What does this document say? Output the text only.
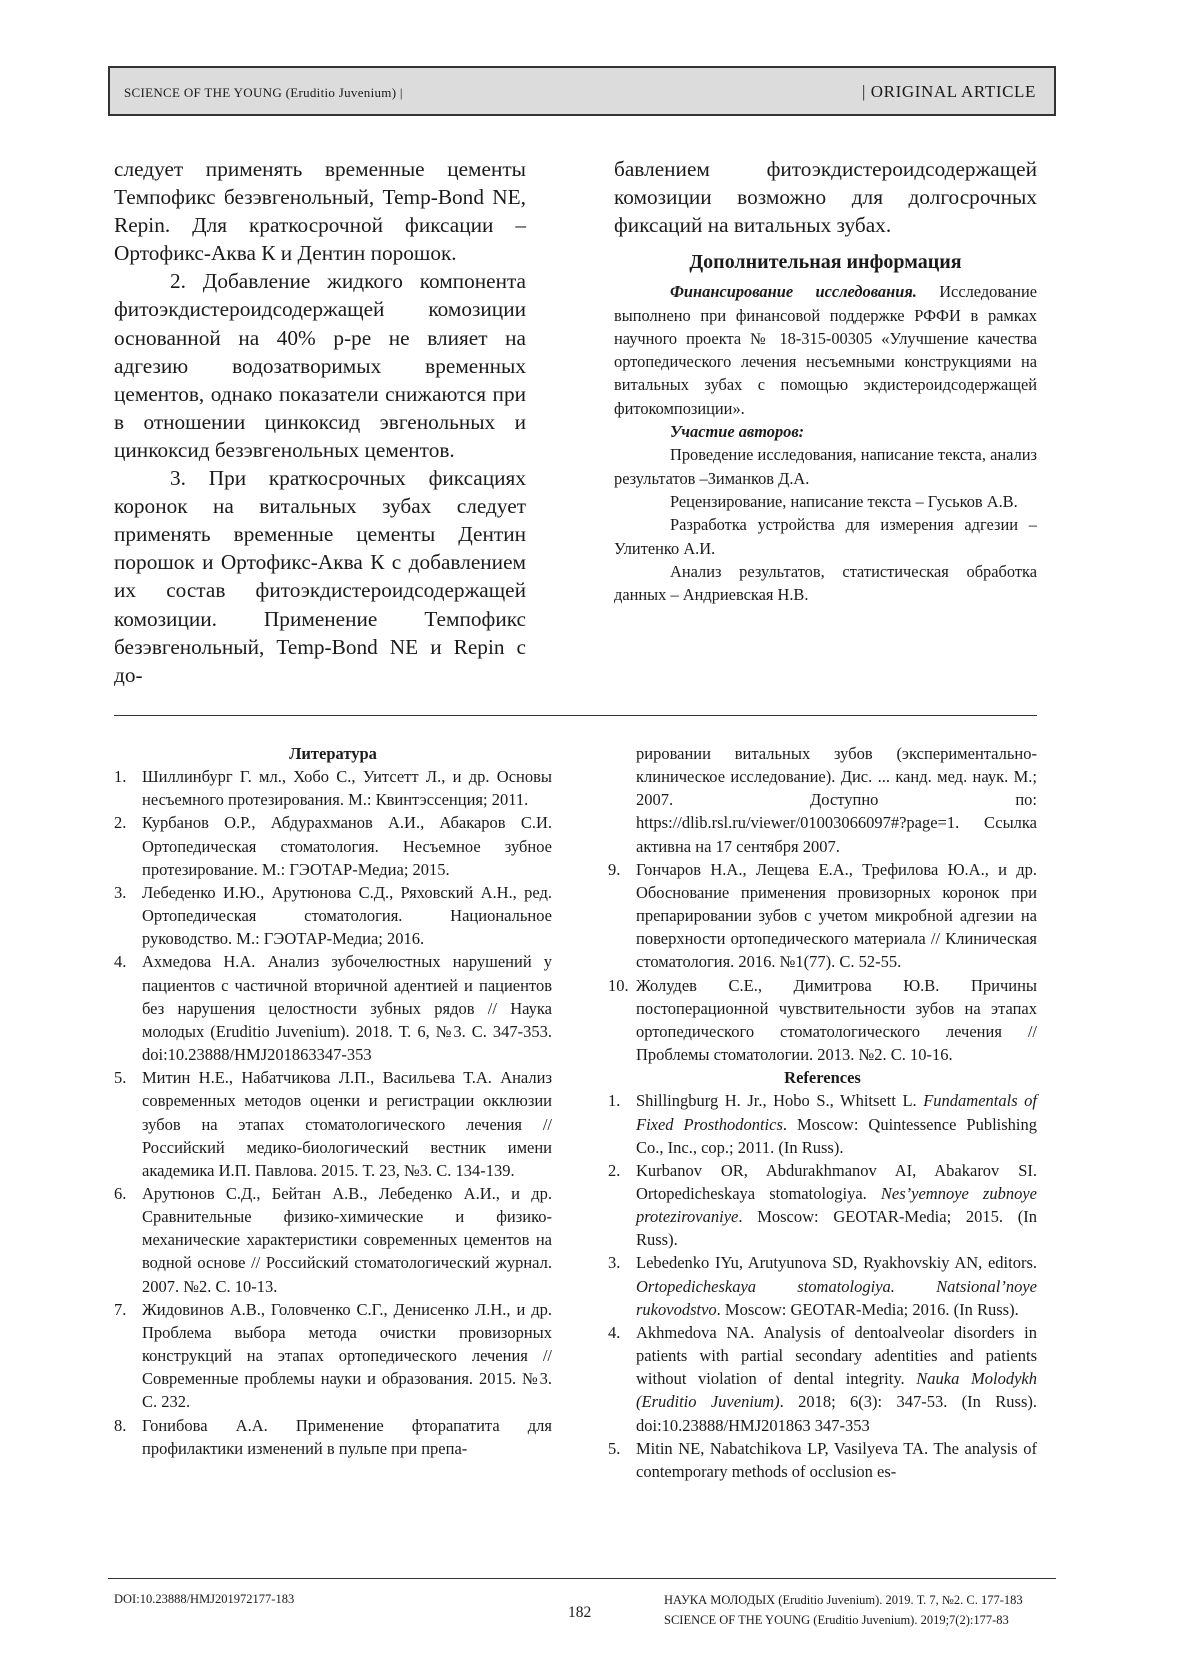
SCIENCE OF THE YOUNG (Eruditio Juvenium) |	| ORIGINAL ARTICLE

следует применять временные цементы Темпофикс безэвгенольный, Temp-Bond NE, Repin. Для краткосрочной фиксации – Ортофикс-Аква К и Дентин порошок.

2. Добавление жидкого компонента фитоэкдистероидсодержащей комозиции основанной на 40% р-ре не влияет на адгезию водозатворимых временных цементов, однако показатели снижаются при в отношении цинкоксид эвгенольных и цинкоксид безэвгенольных цементов.

3. При краткосрочных фиксациях коронок на витальных зубах следует применять временные цементы Дентин порошок и Ортофикс-Аква К с добавлением их состав фитоэкдистероидсодержащей комозиции. Применение Темпофикс безэвгенольный, Temp-Bond NE и Repin с до-

бавлением фитоэкдистероидсодержащей комозиции возможно для долгосрочных фиксаций на витальных зубах.

Дополнительная информация

Финансирование исследования. Исследование выполнено при финансовой поддержке РФФИ в рамках научного проекта № 18-315-00305 «Улучшение качества ортопедического лечения несъемными конструкциями на витальных зубах с помощью экдистероидсодержащей фитокомпозиции».

Участие авторов:

Проведение исследования, написание текста, анализ результатов –Зиманков Д.А.

Рецензирование, написание текста – Гуськов А.В.

Разработка устройства для измерения адгезии – Улитенко А.И.

Анализ результатов, статистическая обработка данных – Андриевская Н.В.

Литература
1. Шиллинбург Г. мл., Хобо С., Уитсетт Л., и др. Основы несъемного протезирования. М.: Квинтэссенция; 2011.
2. Курбанов О.Р., Абдурахманов А.И., Абакаров С.И. Ортопедическая стоматология. Несъемное зубное протезирование. М.: ГЭОТАР-Медиа; 2015.
3. Лебеденко И.Ю., Арутюнова С.Д., Ряховский А.Н., ред. Ортопедическая стоматология. Национальное руководство. М.: ГЭОТАР-Медиа; 2016.
4. Ахмедова Н.А. Анализ зубочелюстных нарушений у пациентов с частичной вторичной адентией и пациентов без нарушения целостности зубных рядов // Наука молодых (Eruditio Juvenium). 2018. Т. 6, №3. С. 347-353. doi:10.23888/HMJ201863347-353
5. Митин Н.Е., Набатчикова Л.П., Васильева Т.А. Анализ современных методов оценки и регистрации окклюзии зубов на этапах стоматологического лечения // Российский медико-биологический вестник имени академика И.П. Павлова. 2015. Т. 23, №3. С. 134-139.
6. Арутюнов С.Д., Бейтан А.В., Лебеденко А.И., и др. Сравнительные физико-химические и физико-механические характеристики современных цементов на водной основе // Российский стоматологический журнал. 2007. №2. С. 10-13.
7. Жидовинов А.В., Головченко С.Г., Денисенко Л.Н., и др. Проблема выбора метода очистки провизорных конструкций на этапах ортопедического лечения // Современные проблемы науки и образования. 2015. №3. С. 232.
8. Гонибова А.А. Применение фторапатита для профилактики изменений в пульпе при препа-
рировании витальных зубов (экспериментально-клиническое исследование). Дис. ... канд. мед. наук. М.; 2007. Доступно по: https://dlib.rsl.ru/viewer/01003066097#?page=1. Ссылка активна на 17 сентября 2007.
9. Гончаров Н.А., Лещева Е.А., Трефилова Ю.А., и др. Обоснование применения провизорных коронок при препарировании зубов с учетом микробной адгезии на поверхности ортопедического материала // Клиническая стоматология. 2016. №1(77). С. 52-55.
10. Жолудев С.Е., Димитрова Ю.В. Причины постоперационной чувствительности зубов на этапах ортопедического стоматологического лечения // Проблемы стоматологии. 2013. №2. С. 10-16.
References
1. Shillingburg H. Jr., Hobo S., Whitsett L. Fundamentals of Fixed Prosthodontics. Moscow: Quintessence Publishing Co., Inc., cop.; 2011. (In Russ).
2. Kurbanov OR, Abdurakhmanov AI, Abakarov SI. Ortopedicheskaya stomatologiya. Nes’yemnoye zubnoye protezirovaniye. Moscow: GEOTAR-Media; 2015. (In Russ).
3. Lebedenko IYu, Arutyunova SD, Ryakhovskiy AN, editors. Ortopedicheskaya stomatologiya. Natsional’noye rukovodstvo. Moscow: GEOTAR-Media; 2016. (In Russ).
4. Akhmedova NA. Analysis of dentoalveolar disorders in patients with partial secondary adentities and patients without violation of dental integrity. Nauka Molodykh (Eruditio Juvenium). 2018; 6(3): 347-53. (In Russ). doi:10.23888/HMJ201863 347-353
5. Mitin NE, Nabatchikova LP, Vasilyeva TA. The analysis of contemporary methods of occlusion es-
DOI:10.23888/HMJ201972177-183
182
НАУКА МОЛОДЫХ (Eruditio Juvenium). 2019. Т. 7, №2. С. 177-183
SCIENCE OF THE YOUNG (Eruditio Juvenium). 2019;7(2):177-83
